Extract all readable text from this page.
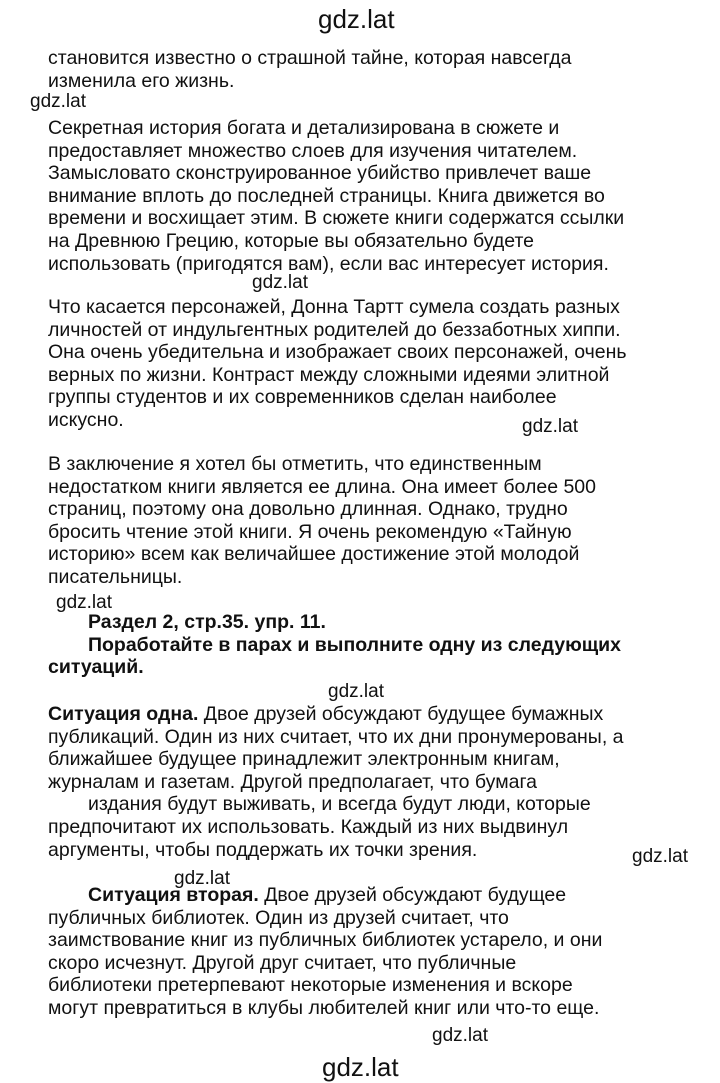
gdz.lat
gdz.lat
gdz.lat
gdz.lat
gdz.lat
gdz.lat
gdz.lat
gdz.lat
gdz.lat
gdz.lat

становится известно о страшной тайне, которая навсегда

изменила его жизнь.

Секретная история богата и детализирована в сюжете и

предоставляет множество слоев для изучения читателем.

Замысловато сконструированное убийство привлечет ваше

внимание вплоть до последней страницы. Книга движется во

времени и восхищает этим. В сюжете книги содержатся ссылки

на Древнюю Грецию, которые вы обязательно будете

использовать (пригодятся вам), если вас интересует история.

Что касается персонажей, Донна Тартт сумела создать разных

личностей от индульгентных родителей до беззаботных хиппи.

Она очень убедительна и изображает своих персонажей, очень

верных по жизни. Контраст между сложными идеями элитной

группы студентов и их современников сделан наиболее

искусно.

В заключение я хотел бы отметить, что единственным

недостатком книги является ее длина. Она имеет более 500

страниц, поэтому она довольно длинная. Однако, трудно

бросить чтение этой книги. Я очень рекомендую «Тайную

историю» всем как величайшее достижение этой молодой

писательницы.

Раздел 2, стр.35. упр. 11.

Поработайте в парах и выполните одну из следующих

ситуаций.

Ситуация одна. Двое друзей обсуждают будущее бумажных

публикаций. Один из них считает, что их дни пронумерованы, а

ближайшее будущее принадлежит электронным книгам,

журналам и газетам. Другой предполагает, что бумага

издания будут выживать, и всегда будут люди, которые

предпочитают их использовать. Каждый из них выдвинул

аргументы, чтобы поддержать их точки зрения.

Ситуация вторая. Двое друзей обсуждают будущее

публичных библиотек. Один из друзей считает, что

заимствование книг из публичных библиотек устарело, и они

скоро исчезнут. Другой друг считает, что публичные

библиотеки претерпевают некоторые изменения и вскоре

могут превратиться в клубы любителей книг или что-то еще.
